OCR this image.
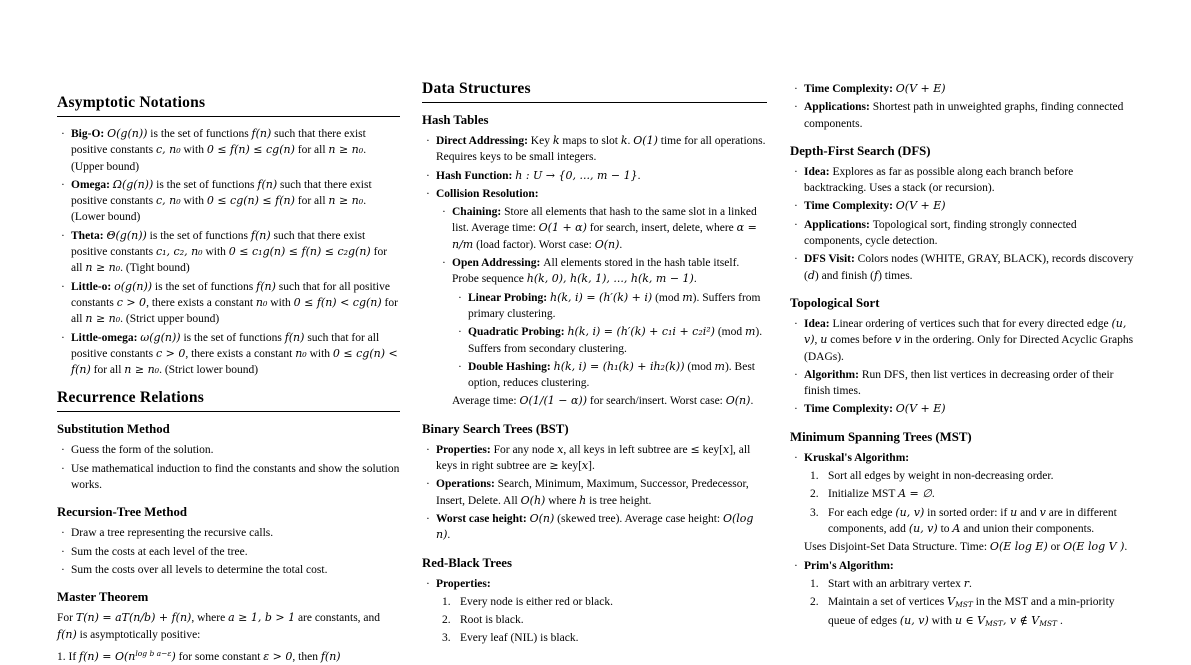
Asymptotic Notations
· Big-O: O(g(n)) is the set of functions f(n) such that there exist positive constants c, n₀ with 0 ≤ f(n) ≤ cg(n) for all n ≥ n₀. (Upper bound)
· Omega: Ω(g(n)) is the set of functions f(n) such that there exist positive constants c, n₀ with 0 ≤ cg(n) ≤ f(n) for all n ≥ n₀. (Lower bound)
· Theta: Θ(g(n)) is the set of functions f(n) such that there exist positive constants c₁, c₂, n₀ with 0 ≤ c₁g(n) ≤ f(n) ≤ c₂g(n) for all n ≥ n₀. (Tight bound)
· Little-o: o(g(n)) is the set of functions f(n) such that for all positive constants c > 0, there exists a constant n₀ with 0 ≤ f(n) < cg(n) for all n ≥ n₀. (Strict upper bound)
· Little-omega: ω(g(n)) is the set of functions f(n) such that for all positive constants c > 0, there exists a constant n₀ with 0 ≤ cg(n) < f(n) for all n ≥ n₀. (Strict lower bound)
Recurrence Relations
Substitution Method
· Guess the form of the solution.
· Use mathematical induction to find the constants and show the solution works.
Recursion-Tree Method
· Draw a tree representing the recursive calls.
· Sum the costs at each level of the tree.
· Sum the costs over all levels to determine the total cost.
Master Theorem
For T(n) = aT(n/b) + f(n), where a ≥ 1, b > 1 are constants, and f(n) is asymptotically positive:
1. If $f(n) = O(n^{log b a-\varepsilon})$ for some constant ε > 0, then f(n)
Data Structures
Hash Tables
· Direct Addressing: Key k maps to slot k. O(1) time for all operations. Requires keys to be small integers.
· Hash Function: h : U → {0, ..., m − 1}.
· Collision Resolution:
· Chaining: Store all elements that hash to the same slot in a linked list. Average time: O(1 + α) for search, insert, delete, where α = n/m (load factor). Worst case: O(n).
· Open Addressing: All elements stored in the hash table itself. Probe sequence h(k, 0), h(k, 1), ..., h(k, m − 1).
· Linear Probing: h(k, i) = (h′(k) + i) (mod m). Suffers from primary clustering.
· Quadratic Probing: h(k, i) = (h′(k) + c₁i + c₂i²) (mod m). Suffers from secondary clustering.
· Double Hashing: h(k, i) = (h₁(k) + ih₂(k)) (mod m). Best option, reduces clustering.
Average time: O(1/(1 − α)) for search/insert. Worst case: O(n).
Binary Search Trees (BST)
· Properties: For any node x, all keys in left subtree are ≤ key[x], all keys in right subtree are ≥ key[x].
· Operations: Search, Minimum, Maximum, Successor, Predecessor, Insert, Delete. All O(h) where h is tree height.
· Worst case height: O(n) (skewed tree). Average case height: O(log n).
Red-Black Trees
· Properties:
1. Every node is either red or black.
2. Root is black.
3. Every leaf (NIL) is black.
· Time Complexity: O(V + E)
· Applications: Shortest path in unweighted graphs, finding connected components.
Depth-First Search (DFS)
· Idea: Explores as far as possible along each branch before backtracking. Uses a stack (or recursion).
· Time Complexity: O(V + E)
· Applications: Topological sort, finding strongly connected components, cycle detection.
· DFS Visit: Colors nodes (WHITE, GRAY, BLACK), records discovery (d) and finish (f) times.
Topological Sort
· Idea: Linear ordering of vertices such that for every directed edge (u, v), u comes before v in the ordering. Only for Directed Acyclic Graphs (DAGs).
· Algorithm: Run DFS, then list vertices in decreasing order of their finish times.
· Time Complexity: O(V + E)
Minimum Spanning Trees (MST)
· Kruskal's Algorithm:
1. Sort all edges by weight in non-decreasing order.
2. Initialize MST A = ∅.
3. For each edge (u, v) in sorted order: if u and v are in different components, add (u, v) to A and union their components.
Uses Disjoint-Set Data Structure. Time: O(E log E) or O(E log V ).
· Prim's Algorithm:
1. Start with an arbitrary vertex r.
2. Maintain a set of vertices VMST in the MST and a min-priority queue of edges (u, v) with u ∈ VMST, v ∉ VMST .
